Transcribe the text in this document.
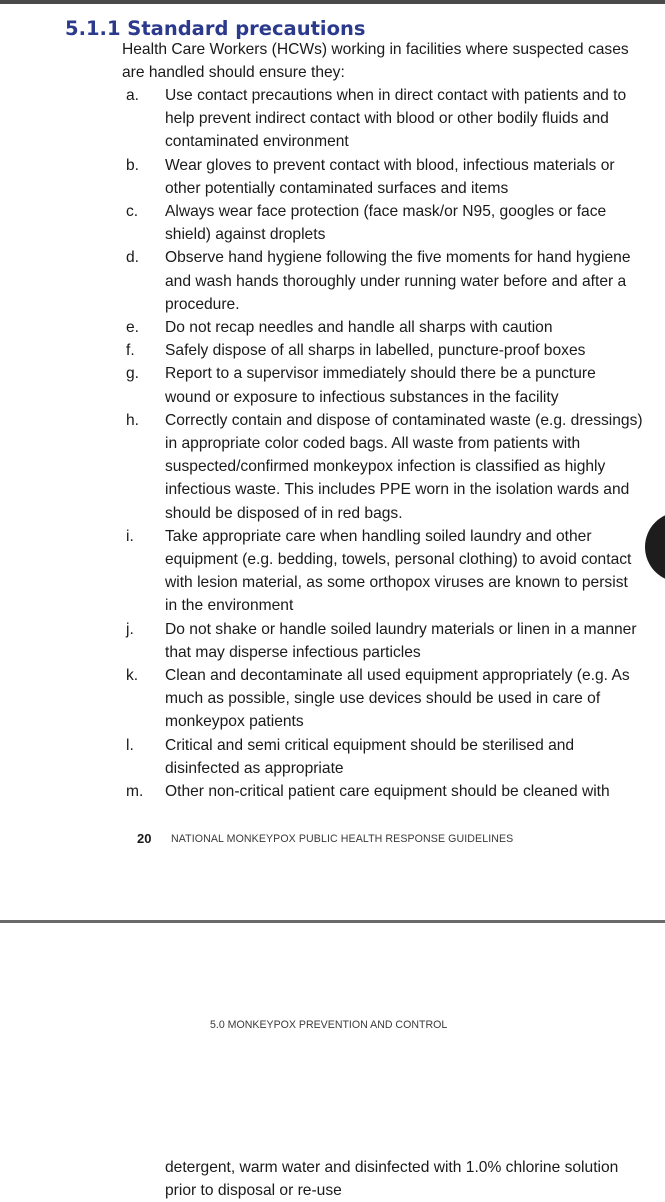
5.1.1 Standard precautions

Health Care Workers (HCWs) working in facilities where suspected cases are handled should ensure they:

a. Use contact precautions when in direct contact with patients and to help prevent indirect contact with blood or other bodily fluids and contaminated environment
b. Wear gloves to prevent contact with blood, infectious materials or other potentially contaminated surfaces and items
c. Always wear face protection (face mask/or N95, googles or face shield) against droplets
d. Observe hand hygiene following the five moments for hand hygiene and wash hands thoroughly under running water before and after a procedure.
e. Do not recap needles and handle all sharps with caution
f. Safely dispose of all sharps in labelled, puncture-proof boxes
g. Report to a supervisor immediately should there be a puncture wound or exposure to infectious substances in the facility
h. Correctly contain and dispose of contaminated waste (e.g. dressings) in appropriate color coded bags. All waste from patients with suspected/confirmed monkeypox infection is classified as highly infectious waste. This includes PPE worn in the isolation wards and should be disposed of in red bags.
i. Take appropriate care when handling soiled laundry and other equipment (e.g. bedding, towels, personal clothing) to avoid contact with lesion material, as some orthopox viruses are known to persist in the environment
j. Do not shake or handle soiled laundry materials or linen in a manner that may disperse infectious particles
k. Clean and decontaminate all used equipment appropriately (e.g. As much as possible, single use devices should be used in care of monkeypox patients
l. Critical and semi critical equipment should be sterilised and disinfected as appropriate
m. Other non-critical patient care equipment should be cleaned with
20 NATIONAL MONKEYPOX PUBLIC HEALTH RESPONSE GUIDELINES
5.0 MONKEYPOX PREVENTION AND CONTROL

detergent, warm water and disinfected with 1.0% chlorine solution prior to disposal or re-use
